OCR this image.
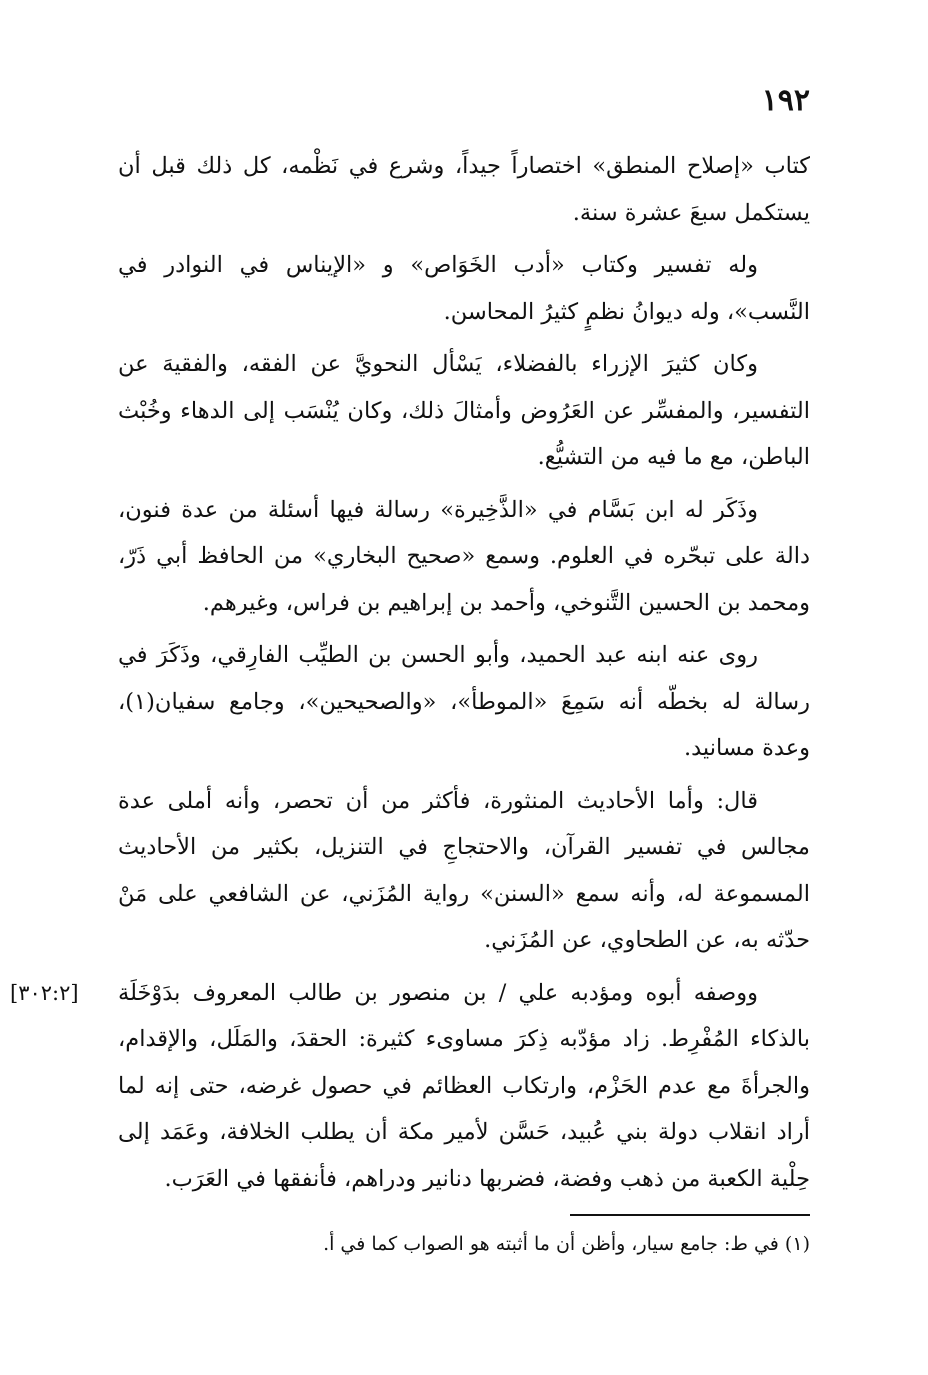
١٩٢

كتاب «إصلاح المنطق» اختصاراً جيداً، وشرع في نَظْمه، كل ذلك قبل أن يستكمل سبعَ عشرة سنة.

وله تفسير وكتاب «أدب الخَوَاص» و «الإيناس في النوادر في النَّسب»، وله ديوانُ نظمٍ كثيرُ المحاسن.

وكان كثيرَ الإزراء بالفضلاء، يَسْأل النحويَّ عن الفقه، والفقيهَ عن التفسير، والمفسِّر عن العَرُوض وأمثالَ ذلك، وكان يُنْسَب إلى الدهاء وخُبْث الباطن، مع ما فيه من التشيُّع.

وذَكَر له ابن بَسَّام في «الذَّخِيرة» رسالة فيها أسئلة من عدة فنون، دالة على تبحّره في العلوم. وسمع «صحيح البخاري» من الحافظ أبي ذَرّ، ومحمد بن الحسين التَّنوخي، وأحمد بن إبراهيم بن فراس، وغيرهم.

روى عنه ابنه عبد الحميد، وأبو الحسن بن الطيِّب الفارِقي، وذَكَرَ في رسالة له بخطّه أنه سَمِعَ «الموطأ»، «والصحيحين»، وجامع سفيان(١)، وعدة مسانيد.

قال: وأما الأحاديث المنثورة، فأكثر من أن تحصر، وأنه أملى عدة مجالس في تفسير القرآن، والاحتجاجِ في التنزيل، بكثير من الأحاديث المسموعة له، وأنه سمع «السنن» رواية المُزَني، عن الشافعي على مَنْ حدّثه به، عن الطحاوي، عن المُزَني.

ووصفه أبوه ومؤدبه علي / بن منصور بن طالب المعروف بدَوْخَلَة بالذكاء المُفْرِط. زاد مؤدّبه ذِكرَ مساوىء كثيرة: الحقدَ، والمَلَل، والإقدام، والجرأةَ مع عدم الحَزْم، وارتكاب العظائم في حصول غرضه، حتى إنه لما أراد انقلاب دولة بني عُبيد، حَسَّن لأمير مكة أن يطلب الخلافة، وعَمَد إلى حِلْية الكعبة من ذهب وفضة، فضربها دنانير ودراهم، فأنفقها في العَرَب.
[٣٠٢:٢]
(١) في ط: جامع سيار، وأظن أن ما أثبته هو الصواب كما في أ.
